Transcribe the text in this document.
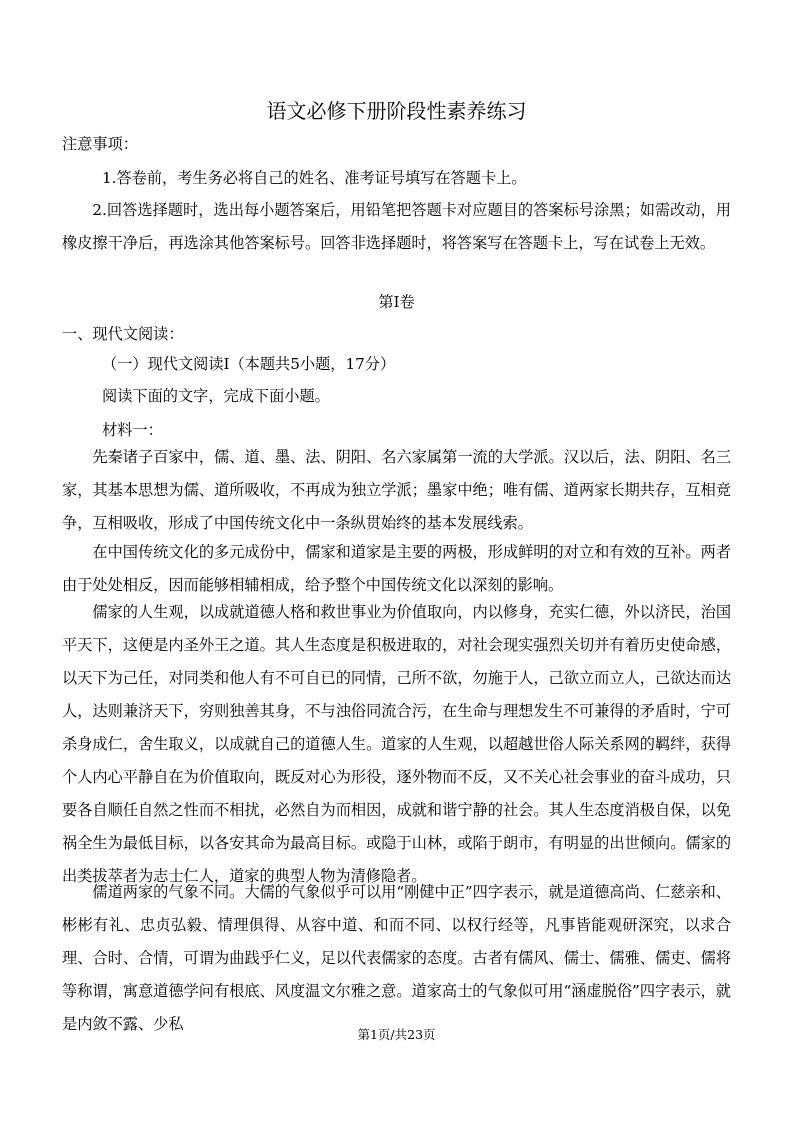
语文必修下册阶段性素养练习
注意事项：
1.答卷前，考生务必将自己的姓名、准考证号填写在答题卡上。
2.回答选择题时，选出每小题答案后，用铅笔把答题卡对应题目的答案标号涂黑；如需改动，用橡皮擦干净后，再选涂其他答案标号。回答非选择题时，将答案写在答题卡上，写在试卷上无效。
第Ⅰ卷
一、现代文阅读：
（一）现代文阅读Ⅰ（本题共5小题，17分）
阅读下面的文字，完成下面小题。
材料一：
先秦诸子百家中，儒、道、墨、法、阴阳、名六家属第一流的大学派。汉以后，法、阴阳、名三家，其基本思想为儒、道所吸收，不再成为独立学派；墨家中绝；唯有儒、道两家长期共存，互相竞争，互相吸收，形成了中国传统文化中一条纵贯始终的基本发展线索。
在中国传统文化的多元成份中，儒家和道家是主要的两极，形成鲜明的对立和有效的互补。两者由于处处相反，因而能够相辅相成，给予整个中国传统文化以深刻的影响。
儒家的人生观，以成就道德人格和救世事业为价值取向，内以修身，充实仁德，外以济民，治国平天下，这便是内圣外王之道。其人生态度是积极进取的，对社会现实强烈关切并有着历史使命感，以天下为己任，对同类和他人有不可自已的同情，己所不欲，勿施于人，己欲立而立人，己欲达而达人，达则兼济天下，穷则独善其身，不与浊俗同流合污，在生命与理想发生不可兼得的矛盾时，宁可杀身成仁，舍生取义，以成就自己的道德人生。道家的人生观，以超越世俗人际关系网的羁绊，获得个人内心平静自在为价值取向，既反对心为形役，逐外物而不反，又不关心社会事业的奋斗成功，只要各自顺任自然之性而不相扰，必然自为而相因，成就和谐宁静的社会。其人生态度消极自保，以免祸全生为最低目标，以各安其命为最高目标。或隐于山林，或陷于朗市，有明显的出世倾向。儒家的出类拔萃者为志士仁人，道家的典型人物为清修隐者。
儒道两家的气象不同。大儒的气象似乎可以用“刚健中正”四字表示，就是道德高尚、仁慈亲和、彬彬有礼、忠贞弘毅、情理俱得、从容中道、和而不同、以权行经等，凡事皆能观研深究，以求合理、合时、合情，可谓为曲践乎仁义，足以代表儒家的态度。古者有儒风、儒士、儒雅、儒吏、儒将等称谓，寓意道德学问有根底、风度温文尔雅之意。道家高士的气象似可用“涵虚脱俗”四字表示，就是内敛不露、少私
第1页/共23页
